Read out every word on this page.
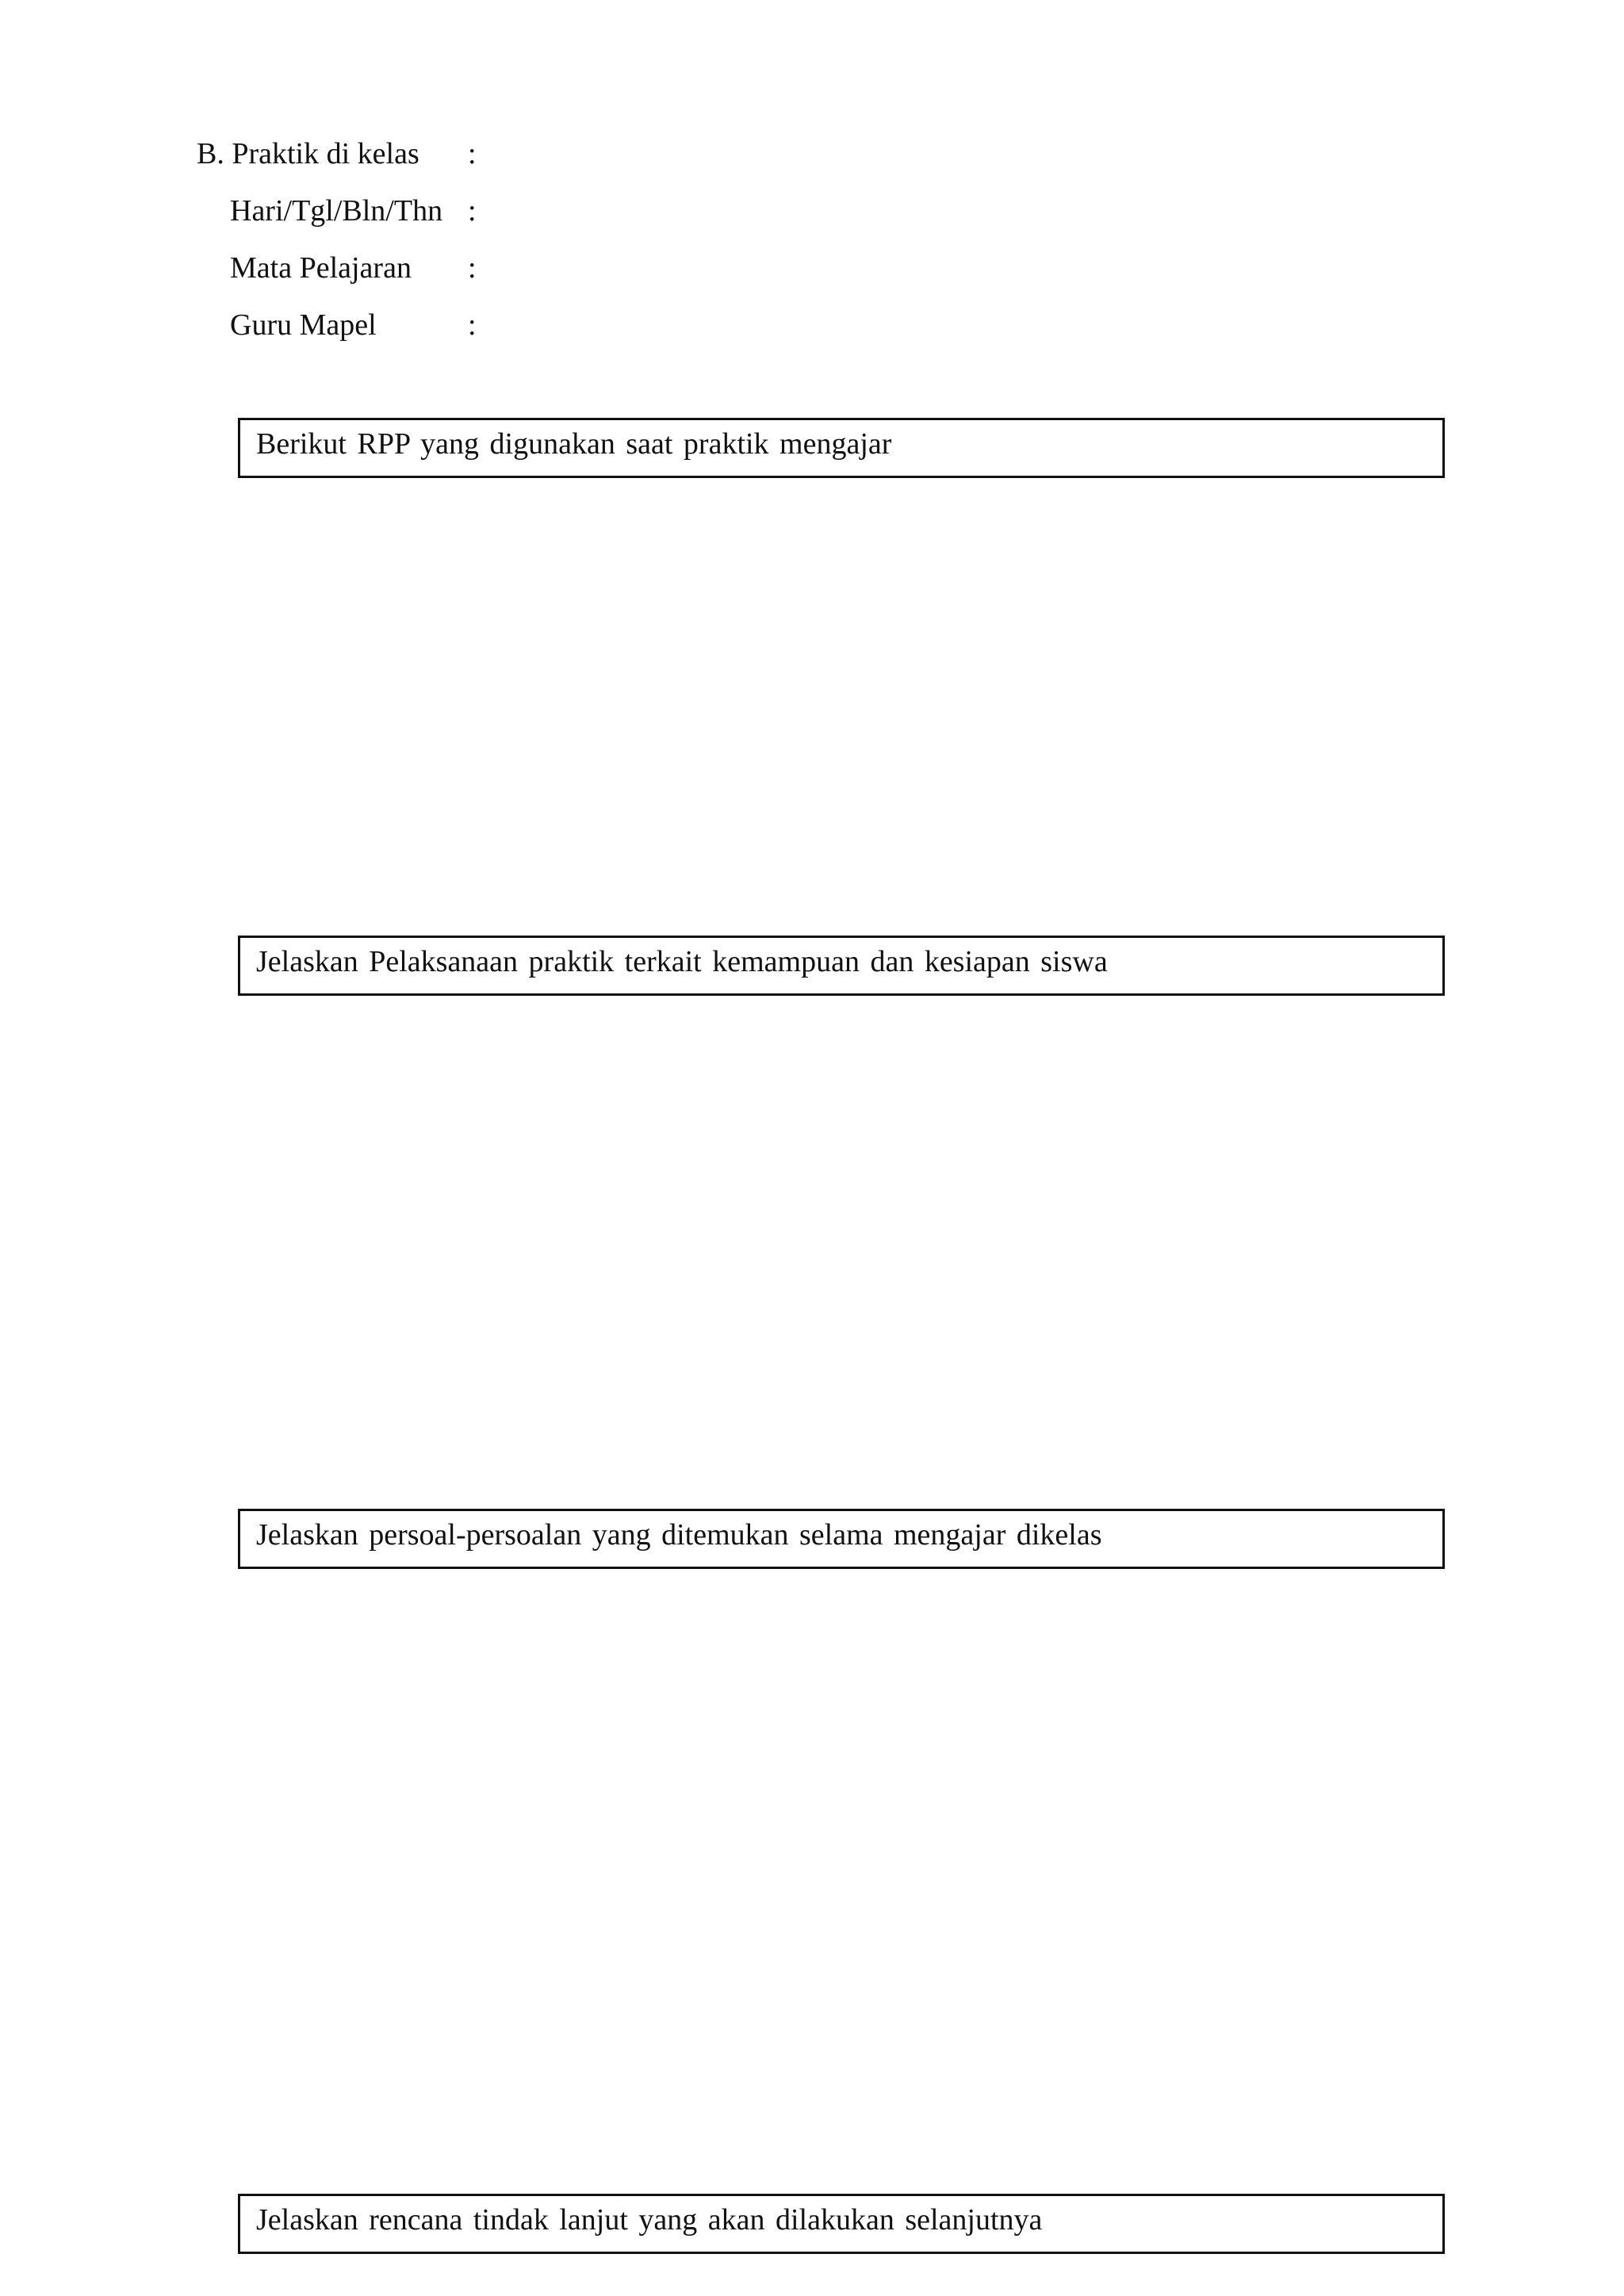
B. Praktik di kelas :
Hari/Tgl/Bln/Thn :
Mata Pelajaran :
Guru Mapel	:
Berikut RPP yang digunakan saat praktik mengajar
Jelaskan Pelaksanaan praktik terkait kemampuan dan kesiapan siswa
Jelaskan persoal-persoalan yang ditemukan selama mengajar dikelas
Jelaskan rencana tindak lanjut yang akan dilakukan selanjutnya
